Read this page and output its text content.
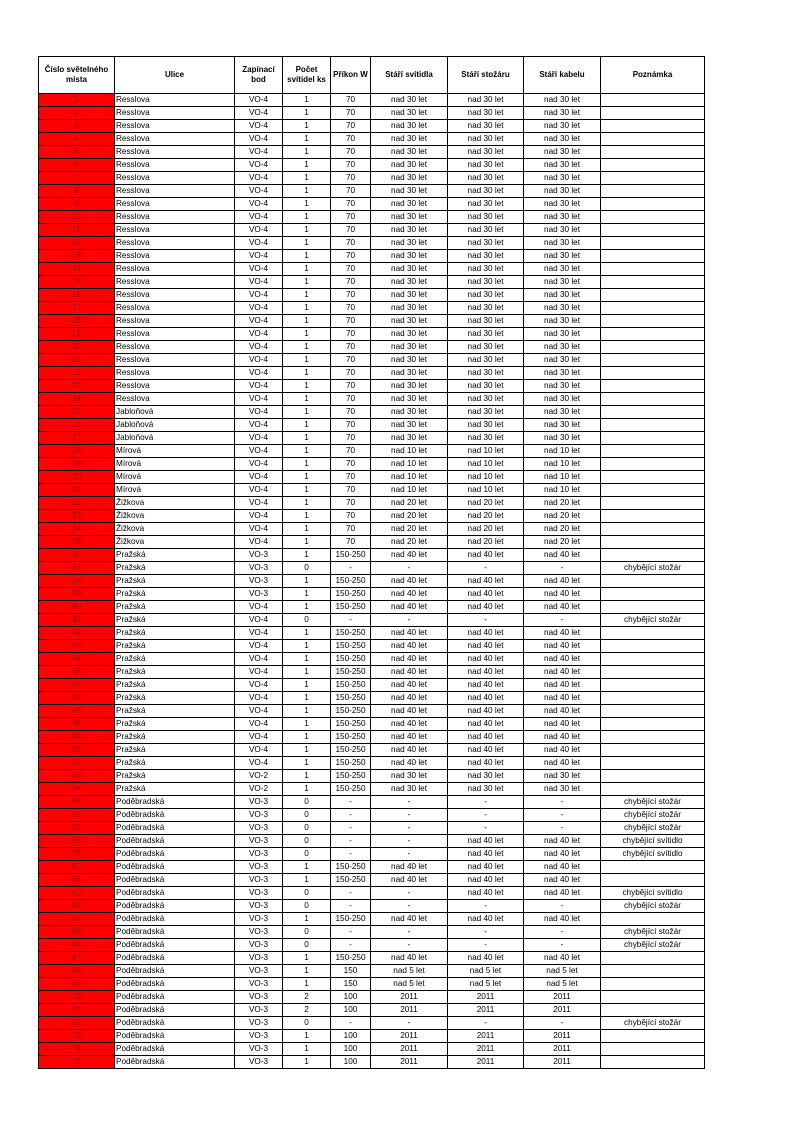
Číslo světelného místa	Ulice	Zapínací bod	Počet svítidel ks	Příkon W	Stáří svítidla	Stáří stožáru	Stáří kabelu	Poznámka
1	Resslova	VO-4	1	70	nad 30 let	nad 30 let	nad 30 let	
2	Resslova	VO-4	1	70	nad 30 let	nad 30 let	nad 30 let	
3	Resslova	VO-4	1	70	nad 30 let	nad 30 let	nad 30 let	
4	Resslova	VO-4	1	70	nad 30 let	nad 30 let	nad 30 let	
5	Resslova	VO-4	1	70	nad 30 let	nad 30 let	nad 30 let	
6	Resslova	VO-4	1	70	nad 30 let	nad 30 let	nad 30 let	
7	Resslova	VO-4	1	70	nad 30 let	nad 30 let	nad 30 let	
8	Resslova	VO-4	1	70	nad 30 let	nad 30 let	nad 30 let	
9	Resslova	VO-4	1	70	nad 30 let	nad 30 let	nad 30 let	
10	Resslova	VO-4	1	70	nad 30 let	nad 30 let	nad 30 let	
11	Resslova	VO-4	1	70	nad 30 let	nad 30 let	nad 30 let	
12	Resslova	VO-4	1	70	nad 30 let	nad 30 let	nad 30 let	
13	Resslova	VO-4	1	70	nad 30 let	nad 30 let	nad 30 let	
14	Resslova	VO-4	1	70	nad 30 let	nad 30 let	nad 30 let	
15	Resslova	VO-4	1	70	nad 30 let	nad 30 let	nad 30 let	
16	Resslova	VO-4	1	70	nad 30 let	nad 30 let	nad 30 let	
17	Resslova	VO-4	1	70	nad 30 let	nad 30 let	nad 30 let	
18	Resslova	VO-4	1	70	nad 30 let	nad 30 let	nad 30 let	
19	Resslova	VO-4	1	70	nad 30 let	nad 30 let	nad 30 let	
20	Resslova	VO-4	1	70	nad 30 let	nad 30 let	nad 30 let	
21	Resslova	VO-4	1	70	nad 30 let	nad 30 let	nad 30 let	
22	Resslova	VO-4	1	70	nad 30 let	nad 30 let	nad 30 let	
23	Resslova	VO-4	1	70	nad 30 let	nad 30 let	nad 30 let	
24	Resslova	VO-4	1	70	nad 30 let	nad 30 let	nad 30 let	
25	Jabloňová	VO-4	1	70	nad 30 let	nad 30 let	nad 30 let	
26	Jabloňová	VO-4	1	70	nad 30 let	nad 30 let	nad 30 let	
27	Jabloňová	VO-4	1	70	nad 30 let	nad 30 let	nad 30 let	
28	Mírová	VO-4	1	70	nad 10 let	nad 10 let	nad 10 let	
29	Mírová	VO-4	1	70	nad 10 let	nad 10 let	nad 10 let	
30	Mírová	VO-4	1	70	nad 10 let	nad 10 let	nad 10 let	
31	Mírová	VO-4	1	70	nad 10 let	nad 10 let	nad 10 let	
32	Žižkova	VO-4	1	70	nad 20 let	nad 20 let	nad 20 let	
33	Žižkova	VO-4	1	70	nad 20 let	nad 20 let	nad 20 let	
34	Žižkova	VO-4	1	70	nad 20 let	nad 20 let	nad 20 let	
35	Žižkova	VO-4	1	70	nad 20 let	nad 20 let	nad 20 let	
36	Pražská	VO-3	1	150-250	nad 40 let	nad 40 let	nad 40 let	
37	Pražská	VO-3	0	-	-	-	-	chybějící stožár
38	Pražská	VO-3	1	150-250	nad 40 let	nad 40 let	nad 40 let	
39	Pražská	VO-3	1	150-250	nad 40 let	nad 40 let	nad 40 let	
40	Pražská	VO-4	1	150-250	nad 40 let	nad 40 let	nad 40 let	
41	Pražská	VO-4	0	-	-	-	-	chybějící stožár
42	Pražská	VO-4	1	150-250	nad 40 let	nad 40 let	nad 40 let	
43	Pražská	VO-4	1	150-250	nad 40 let	nad 40 let	nad 40 let	
44	Pražská	VO-4	1	150-250	nad 40 let	nad 40 let	nad 40 let	
45	Pražská	VO-4	1	150-250	nad 40 let	nad 40 let	nad 40 let	
46	Pražská	VO-4	1	150-250	nad 40 let	nad 40 let	nad 40 let	
47	Pražská	VO-4	1	150-250	nad 40 let	nad 40 let	nad 40 let	
48	Pražská	VO-4	1	150-250	nad 40 let	nad 40 let	nad 40 let	
49	Pražská	VO-4	1	150-250	nad 40 let	nad 40 let	nad 40 let	
50	Pražská	VO-4	1	150-250	nad 40 let	nad 40 let	nad 40 let	
51	Pražská	VO-4	1	150-250	nad 40 let	nad 40 let	nad 40 let	
52	Pražská	VO-4	1	150-250	nad 40 let	nad 40 let	nad 40 let	
53	Pražská	VO-2	1	150-250	nad 30 let	nad 30 let	nad 30 let	
54	Pražská	VO-2	1	150-250	nad 30 let	nad 30 let	nad 30 let	
55	Poděbradská	VO-3	0	-	-	-	-	chybějící stožár
56	Poděbradská	VO-3	0	-	-	-	-	chybějící stožár
57	Poděbradská	VO-3	0	-	-	-	-	chybějící stožár
58	Poděbradská	VO-3	0	-	-	nad 40 let	nad 40 let	chybějící svítidlo
59	Poděbradská	VO-3	0	-	-	nad 40 let	nad 40 let	chybějící svítidlo
60	Poděbradská	VO-3	1	150-250	nad 40 let	nad 40 let	nad 40 let	
61	Poděbradská	VO-3	1	150-250	nad 40 let	nad 40 let	nad 40 let	
62	Poděbradská	VO-3	0	-	-	nad 40 let	nad 40 let	chybějící svítidlo
63	Poděbradská	VO-3	0	-	-	-	-	chybějící stožár
64	Poděbradská	VO-3	1	150-250	nad 40 let	nad 40 let	nad 40 let	
65	Poděbradská	VO-3	0	-	-	-	-	chybějící stožár
66	Poděbradská	VO-3	0	-	-	-	-	chybějící stožár
67	Poděbradská	VO-3	1	150-250	nad 40 let	nad 40 let	nad 40 let	
68	Poděbradská	VO-3	1	150	nad 5 let	nad 5 let	nad 5 let	
69	Poděbradská	VO-3	1	150	nad 5 let	nad 5 let	nad 5 let	
70	Poděbradská	VO-3	2	100	2011	2011	2011	
71	Poděbradská	VO-3	2	100	2011	2011	2011	
72	Poděbradská	VO-3	0	-	-	-	-	chybějící stožár
73	Poděbradská	VO-3	1	100	2011	2011	2011	
74	Poděbradská	VO-3	1	100	2011	2011	2011	
75	Poděbradská	VO-3	1	100	2011	2011	2011	
